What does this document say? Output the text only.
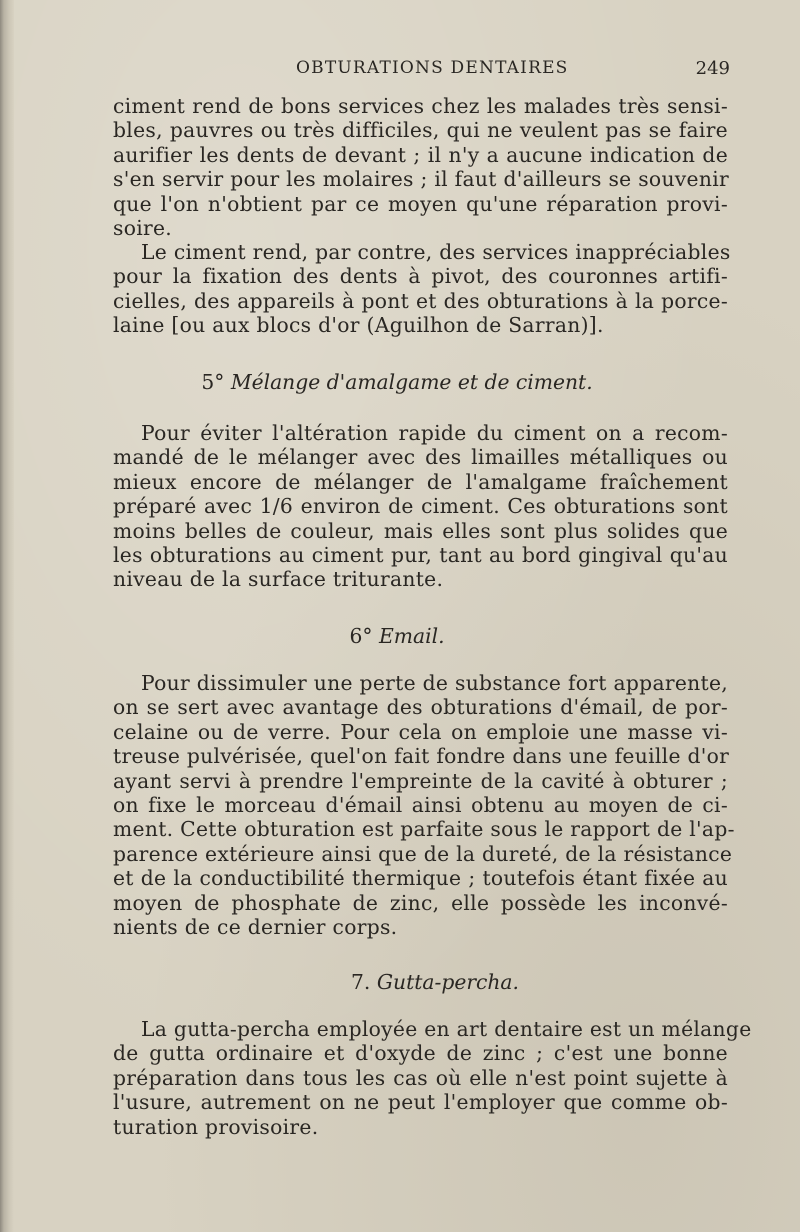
OBTURATIONS DENTAIRES	249
ciment rend de bons services chez les malades très sensi-
bles, pauvres ou très difficiles, qui ne veulent pas se faire
aurifier les dents de devant ; il n'y a aucune indication de
s'en servir pour les molaires ; il faut d'ailleurs se souvenir
que l'on n'obtient par ce moyen qu'une réparation provi-
soire.
Le ciment rend, par contre, des services inappréciables
pour la fixation des dents à pivot, des couronnes artifi-
cielles, des appareils à pont et des obturations à la porce-
laine [ou aux blocs d'or (Aguilhon de Sarran)].
5° Mélange d'amalgame et de ciment.
Pour éviter l'altération rapide du ciment on a recom-
mandé de le mélanger avec des limailles métalliques ou
mieux encore de mélanger de l'amalgame fraîchement
préparé avec 1/6 environ de ciment. Ces obturations sont
moins belles de couleur, mais elles sont plus solides que
les obturations au ciment pur, tant au bord gingival qu'au
niveau de la surface triturante.
6° Email.
Pour dissimuler une perte de substance fort apparente,
on se sert avec avantage des obturations d'émail, de por-
celaine ou de verre. Pour cela on emploie une masse vi-
treuse pulvérisée, quel'on fait fondre dans une feuille d'or
ayant servi à prendre l'empreinte de la cavité à obturer ;
on fixe le morceau d'émail ainsi obtenu au moyen de ci-
ment. Cette obturation est parfaite sous le rapport de l'ap-
parence extérieure ainsi que de la dureté, de la résistance
et de la conductibilité thermique ; toutefois étant fixée au
moyen de phosphate de zinc, elle possède les inconvé-
nients de ce dernier corps.
7. Gutta-percha.
La gutta-percha employée en art dentaire est un mélange
de gutta ordinaire et d'oxyde de zinc ; c'est une bonne
préparation dans tous les cas où elle n'est point sujette à
l'usure, autrement on ne peut l'employer que comme ob-
turation provisoire.
